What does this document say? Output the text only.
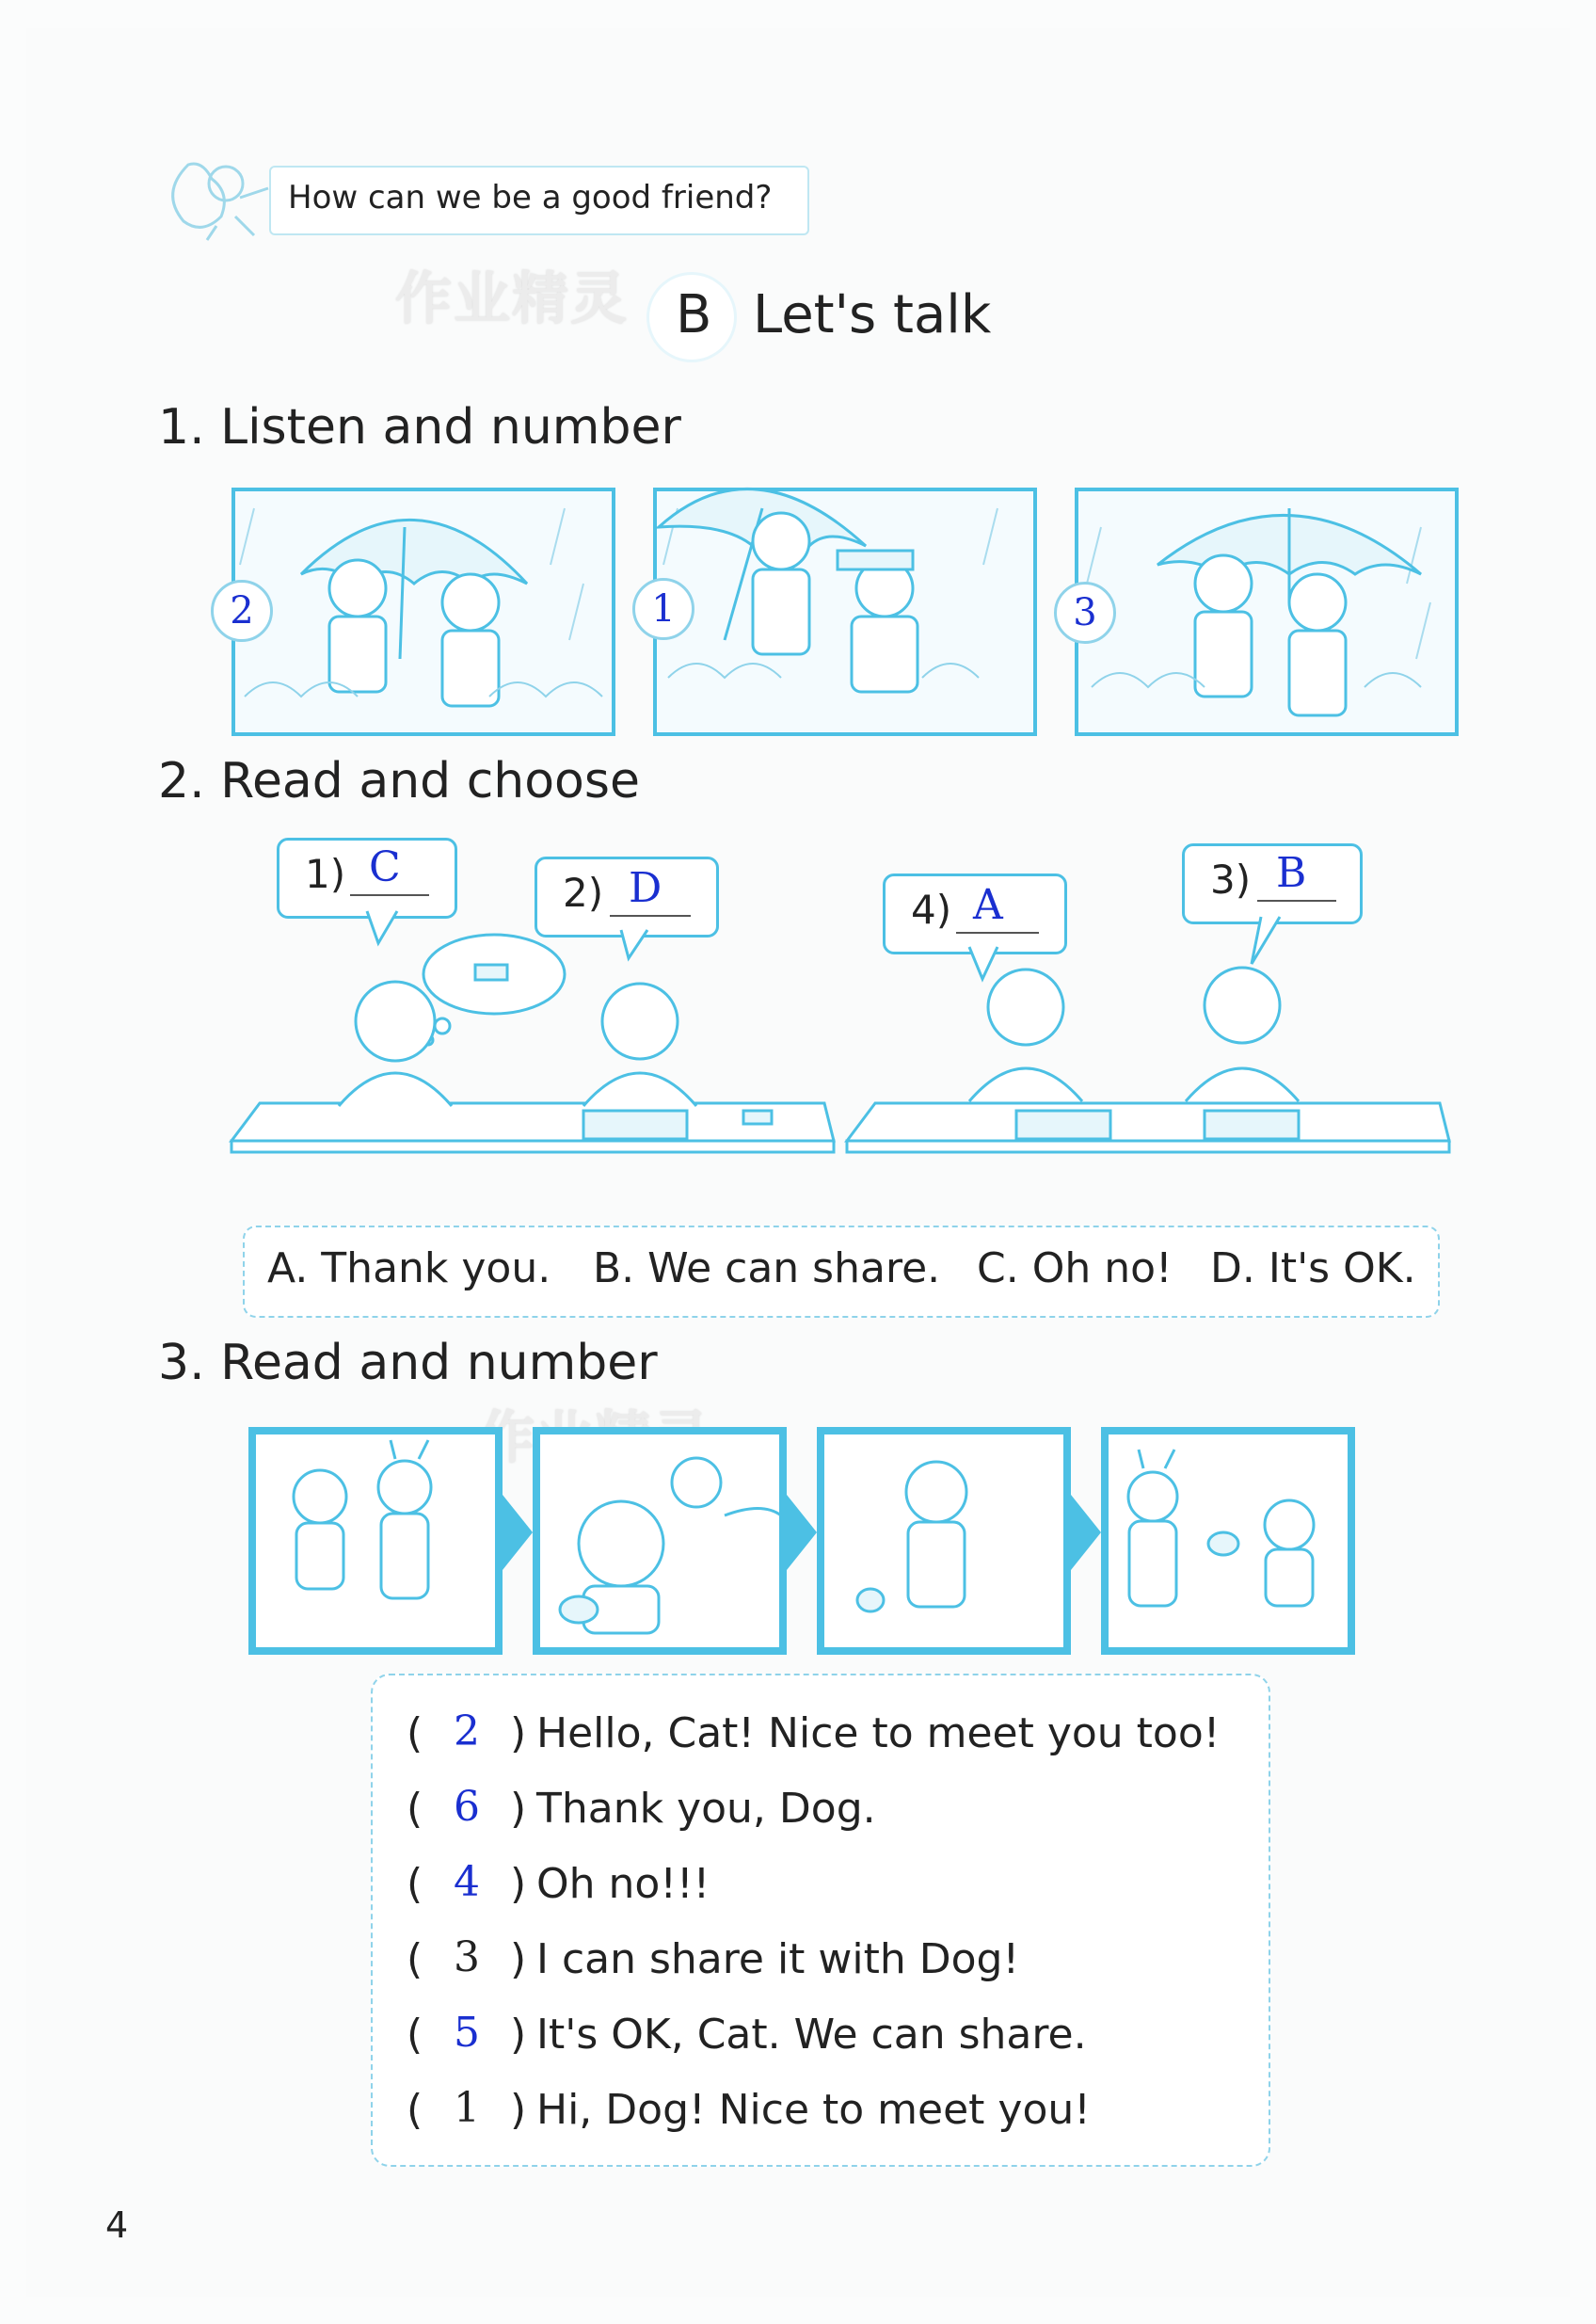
How can we be a good friend?
作业精灵 B Let's talk
1. Listen and number
2	1	3
2. Read and choose
1) C
2) D	4) A
3) B
A. Thank you. B. We can share. C. Oh no! D. It's OK.
3. Read and number
( 2 ) Hello, Cat! Nice to meet you too!
( 6 ) Thank you, Dog.
( 4 ) Oh no!!!
( 3 ) I can share it with Dog!
( 5 ) It's OK, Cat. We can share.
( 1 ) Hi, Dog! Nice to meet you!
4
